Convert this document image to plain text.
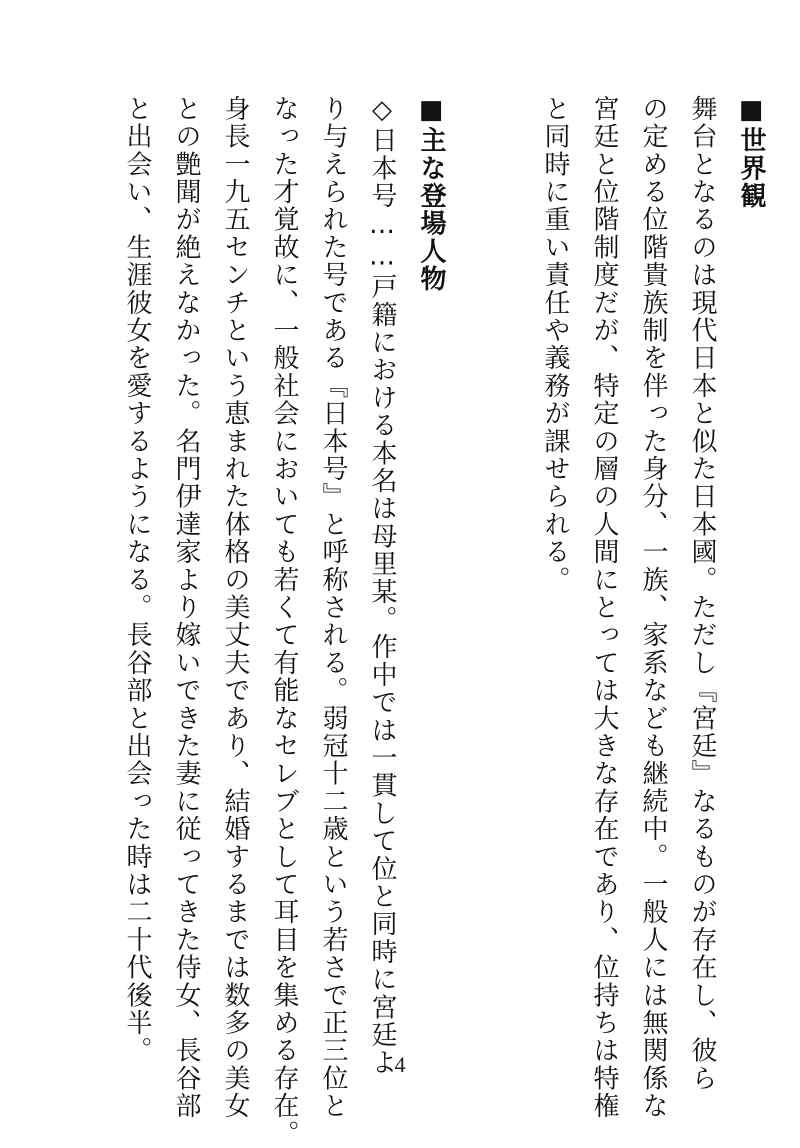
■世界観
舞台となるのは現代日本と似た日本國。ただし『宮廷』なるものが存在し、彼ら
の定める位階貴族制を伴った身分、一族、家系なども継続中。一般人には無関係な
宮廷と位階制度だが、特定の層の人間にとっては大きな存在であり、位持ちは特権
と同時に重い責任や義務が課せられる。
■主な登場人物
◇日本号……戸籍における本名は母里某。作中では一貫して位と同時に宮廷よ
り与えられた号である『日本号』と呼称される。弱冠十二歳という若さで正三位と
なった才覚故に、一般社会においても若くて有能なセレブとして耳目を集める存在。
身長一九五センチという恵まれた体格の美丈夫であり、結婚するまでは数多の美女
との艶聞が絶えなかった。名門伊達家より嫁いできた妻に従ってきた侍女、長谷部
と出会い、生涯彼女を愛するようになる。長谷部と出会った時は二十代後半。	4
